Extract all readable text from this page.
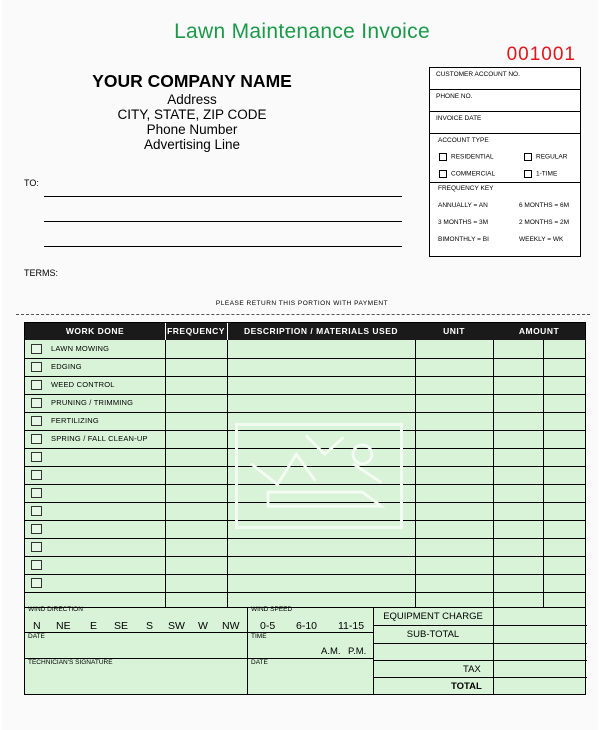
Lawn Maintenance Invoice
001001
YOUR COMPANY NAME
Address
CITY, STATE, ZIP CODE
Phone Number
Advertising Line
TO:
TERMS:
CUSTOMER ACCOUNT NO.
PHONE NO.
INVOICE DATE
ACCOUNT TYPE
RESIDENTIAL	REGULAR
COMMERCIAL	1-TIME
FREQUENCY KEY
ANNUALLY = AN	6 MONTHS = 6M
3 MONTHS = 3M	2 MONTHS = 2M
BIMONTHLY = BI	WEEKLY = WK
PLEASE RETURN THIS PORTION WITH PAYMENT
WORK DONE	FREQUENCY	DESCRIPTION / MATERIALS USED	UNIT	AMOUNT
LAWN MOWING
EDGING
WEED CONTROL
PRUNING / TRIMMING
FERTILIZING
SPRING / FALL CLEAN-UP
WIND DIRECTION
N NE E SE S SW W NW
WIND SPEED
0-5 6-10 11-15
DATE	TIME
A.M. P.M.
TECHNICIAN'S SIGNATURE	DATE
EQUIPMENT CHARGE
SUB-TOTAL
TAX
TOTAL
